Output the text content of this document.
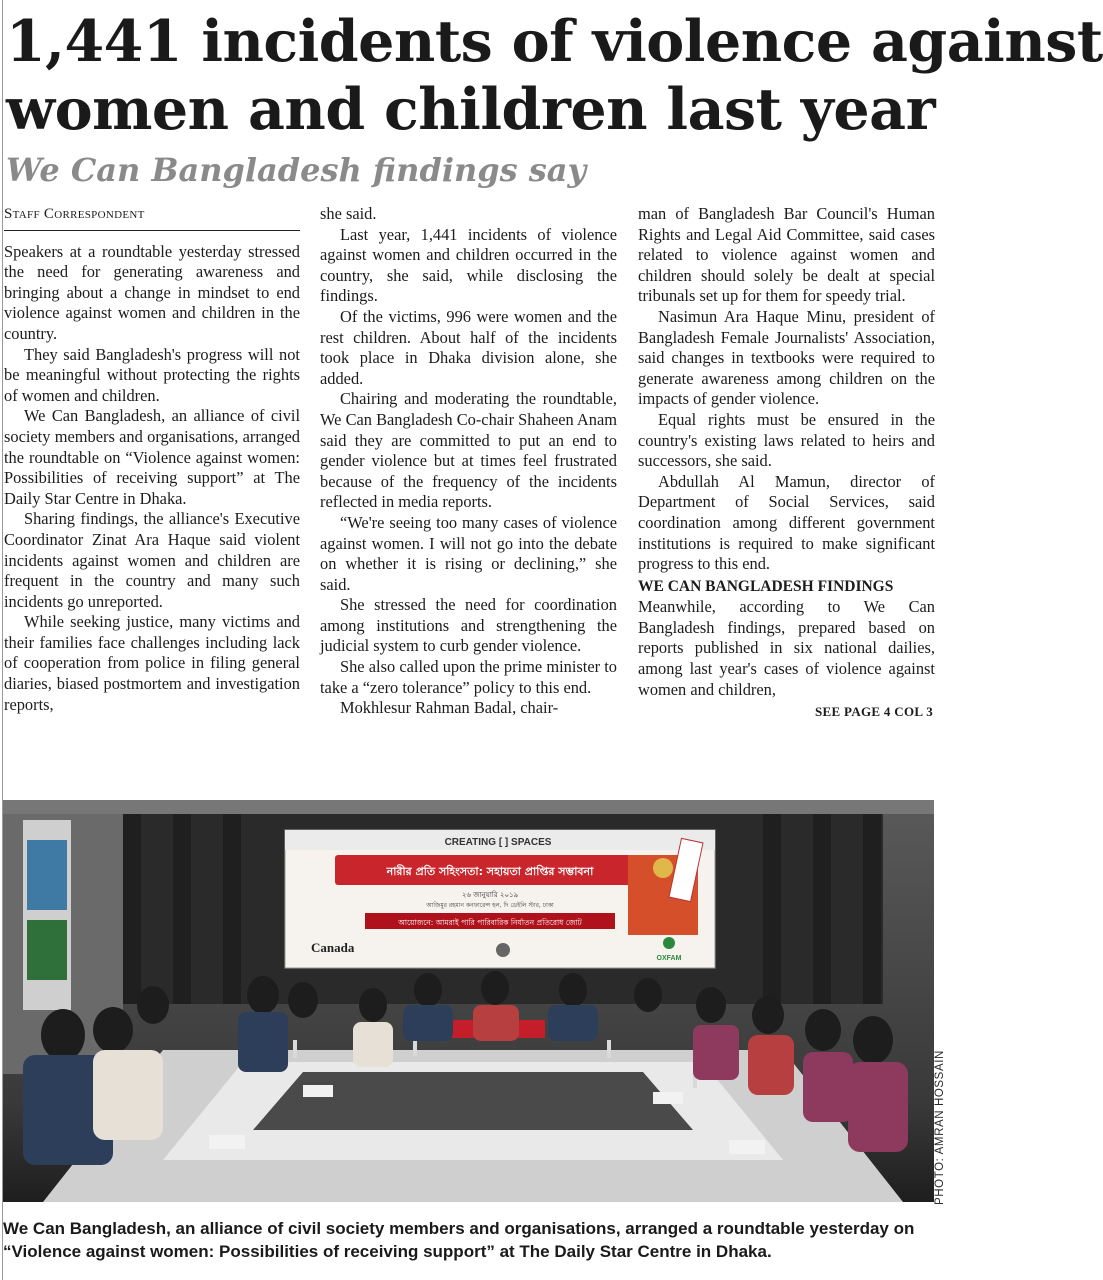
1,441 incidents of violence against
women and children last year
We Can Bangladesh findings say
Staff Correspondent

Speakers at a roundtable yesterday stressed the need for generating awareness and bringing about a change in mindset to end violence against women and children in the country.

They said Bangladesh's progress will not be meaningful without protecting the rights of women and children.

We Can Bangladesh, an alliance of civil society members and organisations, arranged the roundtable on “Violence against women: Possibilities of receiving support” at The Daily Star Centre in Dhaka.

Sharing findings, the alliance's Executive Coordinator Zinat Ara Haque said violent incidents against women and children are frequent in the country and many such incidents go unreported.

While seeking justice, many victims and their families face challenges including lack of cooperation from police in filing general diaries, biased postmortem and investigation reports,

she said.

Last year, 1,441 incidents of violence against women and children occurred in the country, she said, while disclosing the findings.

Of the victims, 996 were women and the rest children. About half of the incidents took place in Dhaka division alone, she added.

Chairing and moderating the roundtable, We Can Bangladesh Co-chair Shaheen Anam said they are committed to put an end to gender violence but at times feel frustrated because of the frequency of the incidents reflected in media reports.

“We're seeing too many cases of violence against women. I will not go into the debate on whether it is rising or declining,” she said.

She stressed the need for coordination among institutions and strengthening the judicial system to curb gender violence.

She also called upon the prime minister to take a “zero tolerance” policy to this end.

Mokhlesur Rahman Badal, chair-

man of Bangladesh Bar Council's Human Rights and Legal Aid Committee, said cases related to violence against women and children should solely be dealt at special tribunals set up for them for speedy trial.

Nasimun Ara Haque Minu, president of Bangladesh Female Journalists' Association, said changes in textbooks were required to generate awareness among children on the impacts of gender violence.

Equal rights must be ensured in the country's existing laws related to heirs and successors, she said.

Abdullah Al Mamun, director of Department of Social Services, said coordination among different government institutions is required to make significant progress to this end.

WE CAN BANGLADESH FINDINGS

Meanwhile, according to We Can Bangladesh findings, prepared based on reports published in six national dailies, among last year's cases of violence against women and children,

SEE PAGE 4 COL 3
CREATING [ ] SPACES
নারীর প্রতি সহিংসতা: সহায়তা প্রাপ্তির সম্ভাবনা
২৬ জানুয়ারি ২০১৯
আজিমুর রহমান কনফারেন্স হল, দি ডেইলি স্টার, ঢাকা
আয়োজনে: আমরাই পারি পারিবারিক নির্যাতন প্রতিরোধ জোট
Canada
OXFAM
PHOTO: AMRAN HOSSAIN
We Can Bangladesh, an alliance of civil society members and organisations, arranged a roundtable yesterday on
“Violence against women: Possibilities of receiving support” at The Daily Star Centre in Dhaka.
